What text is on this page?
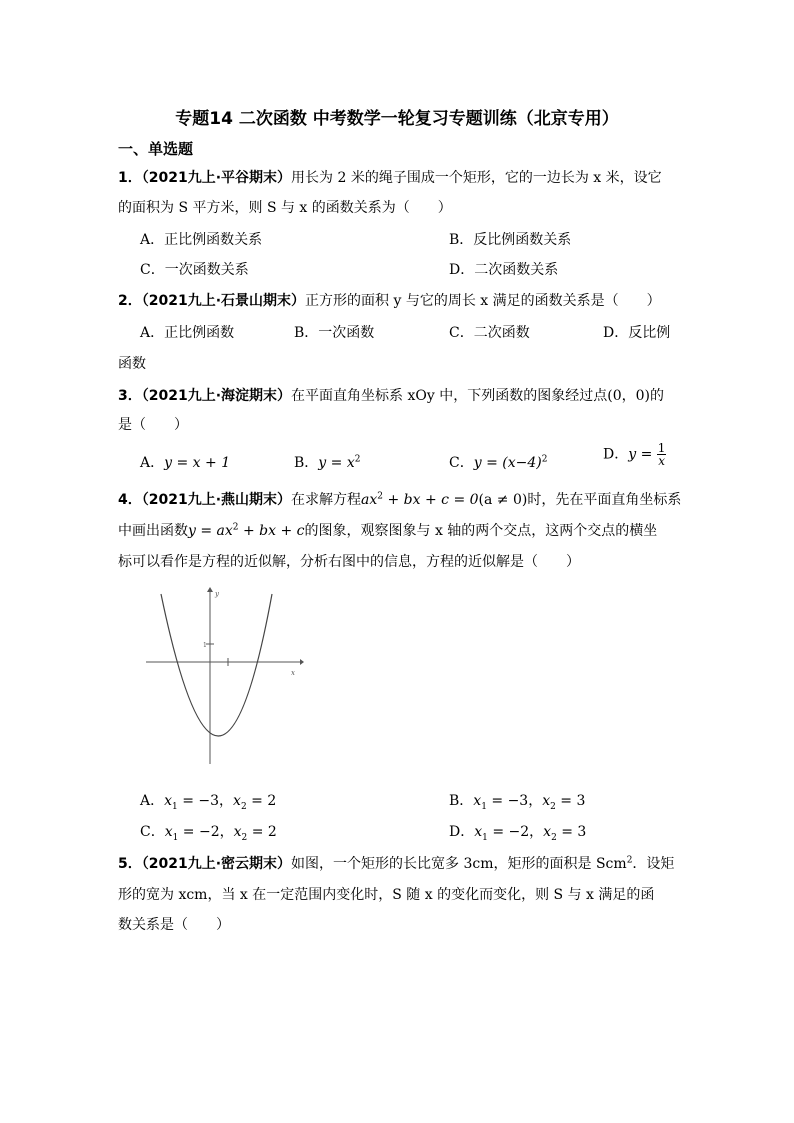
专题14 二次函数 中考数学一轮复习专题训练（北京专用）
一、单选题
1．（2021九上·平谷期末）用长为 2 米的绳子围成一个矩形，它的一边长为 x 米，设它
的面积为 S 平方米，则 S 与 x 的函数关系为（　　）
A．正比例函数关系	B．反比例函数关系
C．一次函数关系	D．二次函数关系
2．（2021九上·石景山期末）正方形的面积 y 与它的周长 x 满足的函数关系是（　　）
A．正比例函数	B．一次函数	C．二次函数	D．反比例
函数
3．（2021九上·海淀期末）在平面直角坐标系 xOy 中，下列函数的图象经过点(0，0)的
是（　　）
A．y = x + 1	B．$y = x^2$	C．$y = (x-4)^2$	D．$y = \frac{1}{x}$
4．（2021九上·燕山期末）在求解方程$ax^2$ + bx + c = 0(a ≠ 0)时，先在平面直角坐标系
中画出函数$y = ax^2$ + bx + c的图象，观察图象与 x 轴的两个交点，这两个交点的横坐
标可以看作是方程的近似解，分析右图中的信息，方程的近似解是（　　）
y
x
1
A．$x_1 = -3$，$x_2 = 2$	B．$x_1 = -3$，$x_2 = 3$
C．$x_1 = -2$，$x_2 = 2$	D．$x_1 = -2$，$x_2 = 3$
5．（2021九上·密云期末）如图，一个矩形的长比宽多 3cm，矩形的面积是 Scm$^2$．设矩
形的宽为 xcm，当 x 在一定范围内变化时，S 随 x 的变化而变化，则 S 与 x 满足的函
数关系是（　　）
